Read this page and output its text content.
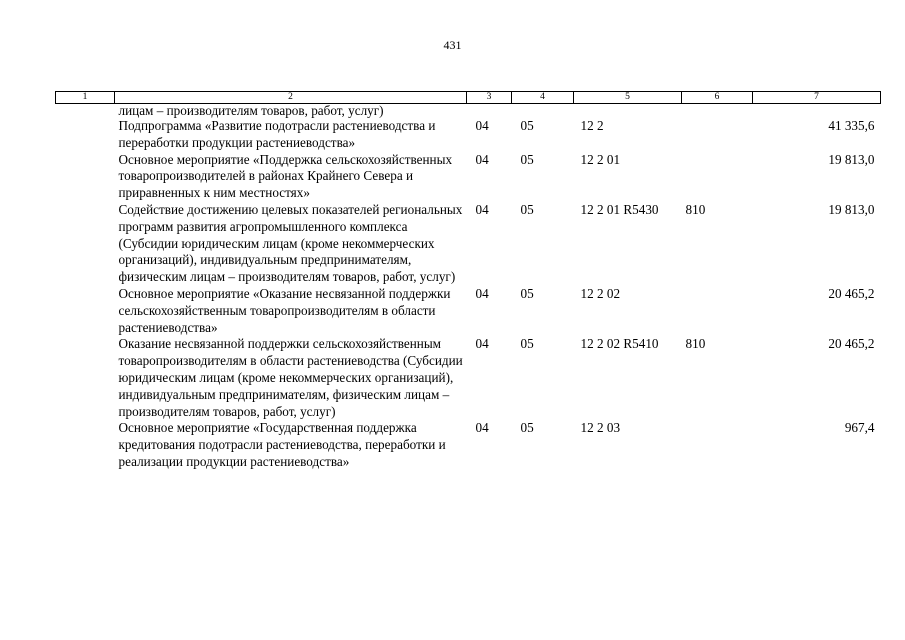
431
1	2	3	4	5	6	7
	лицам – производителям товаров, работ, услуг)					
	Подпрограмма «Развитие подотрасли растениеводства и переработки продукции растениеводства»	04	05	12 2		41 335,6
	Основное мероприятие «Поддержка сельскохозяйственных товаропроизводителей в районах Крайнего Севера и приравненных к ним местностях»	04	05	12 2 01		19 813,0
	Содействие достижению целевых показателей региональных программ развития агропромышленного комплекса (Субсидии юридическим лицам (кроме некоммерческих организаций), индивидуальным предпринимателям, физическим лицам – производителям товаров, работ, услуг)	04	05	12 2 01 R5430	810	19 813,0
	Основное мероприятие «Оказание несвязанной поддержки сельскохозяйственным товаропроизводителям в области растениеводства»	04	05	12 2 02		20 465,2
	Оказание несвязанной поддержки сельскохозяйственным товаропроизводителям в области растениеводства (Субсидии юридическим лицам (кроме некоммерческих организаций), индивидуальным предпринимателям, физическим лицам – производителям товаров, работ, услуг)	04	05	12 2 02 R5410	810	20 465,2
	Основное мероприятие «Государственная поддержка кредитования подотрасли растениеводства, переработки и реализации продукции растениеводства»	04	05	12 2 03		967,4
